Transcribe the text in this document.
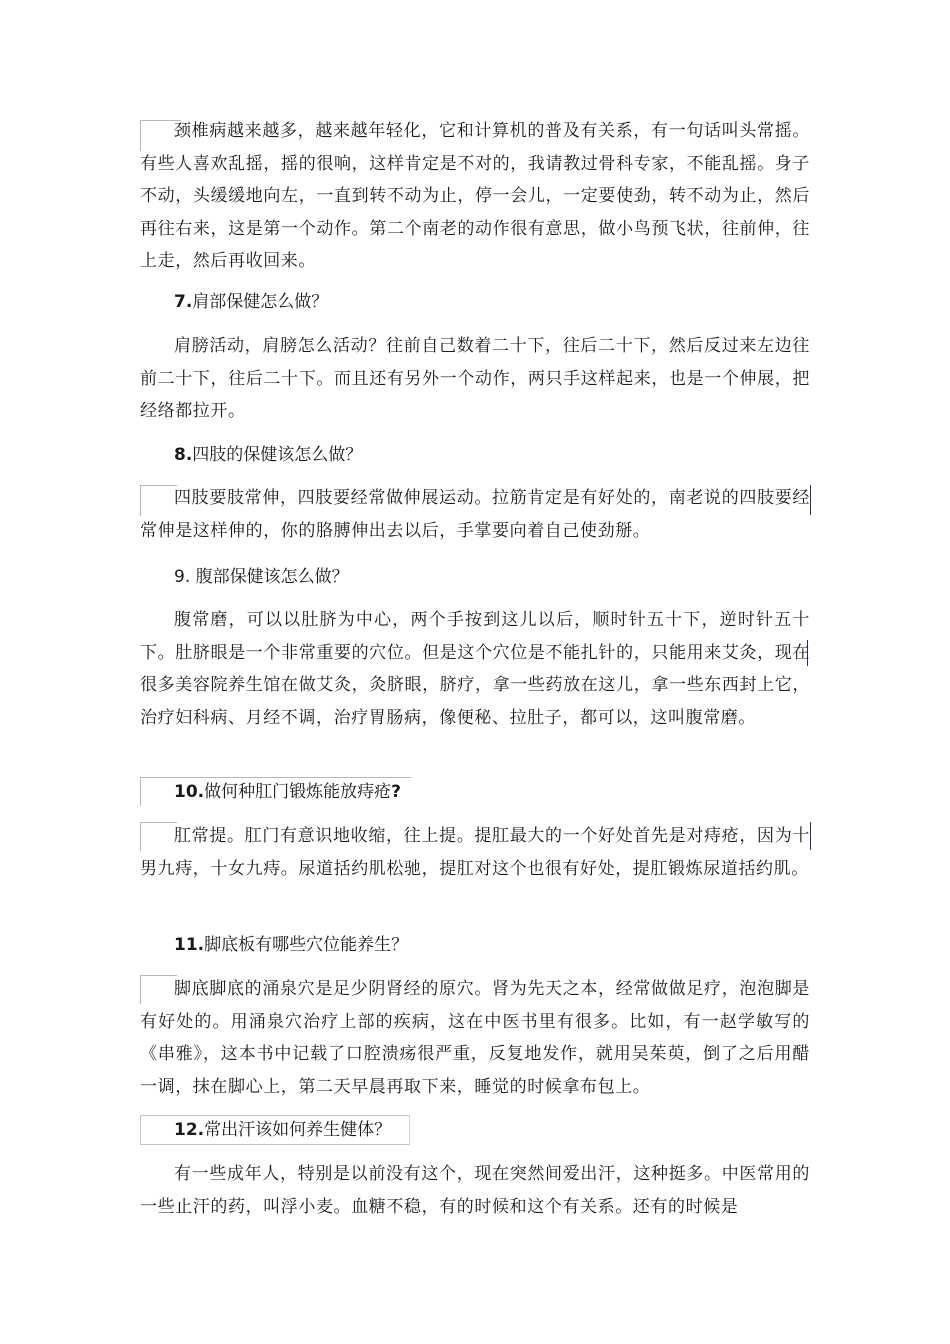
颈椎病越来越多，越来越年轻化，它和计算机的普及有关系，有一句话叫头常摇。有些人喜欢乱摇，摇的很响，这样肯定是不对的，我请教过骨科专家，不能乱摇。身子不动，头缓缓地向左，一直到转不动为止，停一会儿，一定要使劲，转不动为止，然后再往右来，这是第一个动作。第二个南老的动作很有意思，做小鸟预飞状，往前伸，往上走，然后再收回来。

7.肩部保健怎么做？

肩膀活动，肩膀怎么活动？往前自己数着二十下，往后二十下，然后反过来左边往前二十下，往后二十下。而且还有另外一个动作，两只手这样起来，也是一个伸展，把经络都拉开。

8.四肢的保健该怎么做？

四肢要肢常伸，四肢要经常做伸展运动。拉筋肯定是有好处的，南老说的四肢要经常伸是这样伸的，你的胳膊伸出去以后，手掌要向着自己使劲掰。

9. 腹部保健该怎么做？

腹常磨，可以以肚脐为中心，两个手按到这儿以后，顺时针五十下，逆时针五十下。肚脐眼是一个非常重要的穴位。但是这个穴位是不能扎针的，只能用来艾灸，现在很多美容院养生馆在做艾灸，灸脐眼，脐疗，拿一些药放在这儿，拿一些东西封上它，治疗妇科病、月经不调，治疗胃肠病，像便秘、拉肚子，都可以，这叫腹常磨。

10.做何种肛门锻炼能放痔疮?

肛常提。肛门有意识地收缩，往上提。提肛最大的一个好处首先是对痔疮，因为十男九痔，十女九痔。尿道括约肌松驰，提肛对这个也很有好处，提肛锻炼尿道括约肌。

11.脚底板有哪些穴位能养生？

脚底脚底的涌泉穴是足少阴肾经的原穴。肾为先天之本，经常做做足疗，泡泡脚是有好处的。用涌泉穴治疗上部的疾病，这在中医书里有很多。比如，有一赵学敏写的《串雅》，这本书中记载了口腔溃疡很严重，反复地发作，就用吴茱萸，倒了之后用醋一调，抹在脚心上，第二天早晨再取下来，睡觉的时候拿布包上。

12.常出汗该如何养生健体？

有一些成年人，特别是以前没有这个，现在突然间爱出汗，这种挺多。中医常用的一些止汗的药，叫浮小麦。血糖不稳，有的时候和这个有关系。还有的时候是
